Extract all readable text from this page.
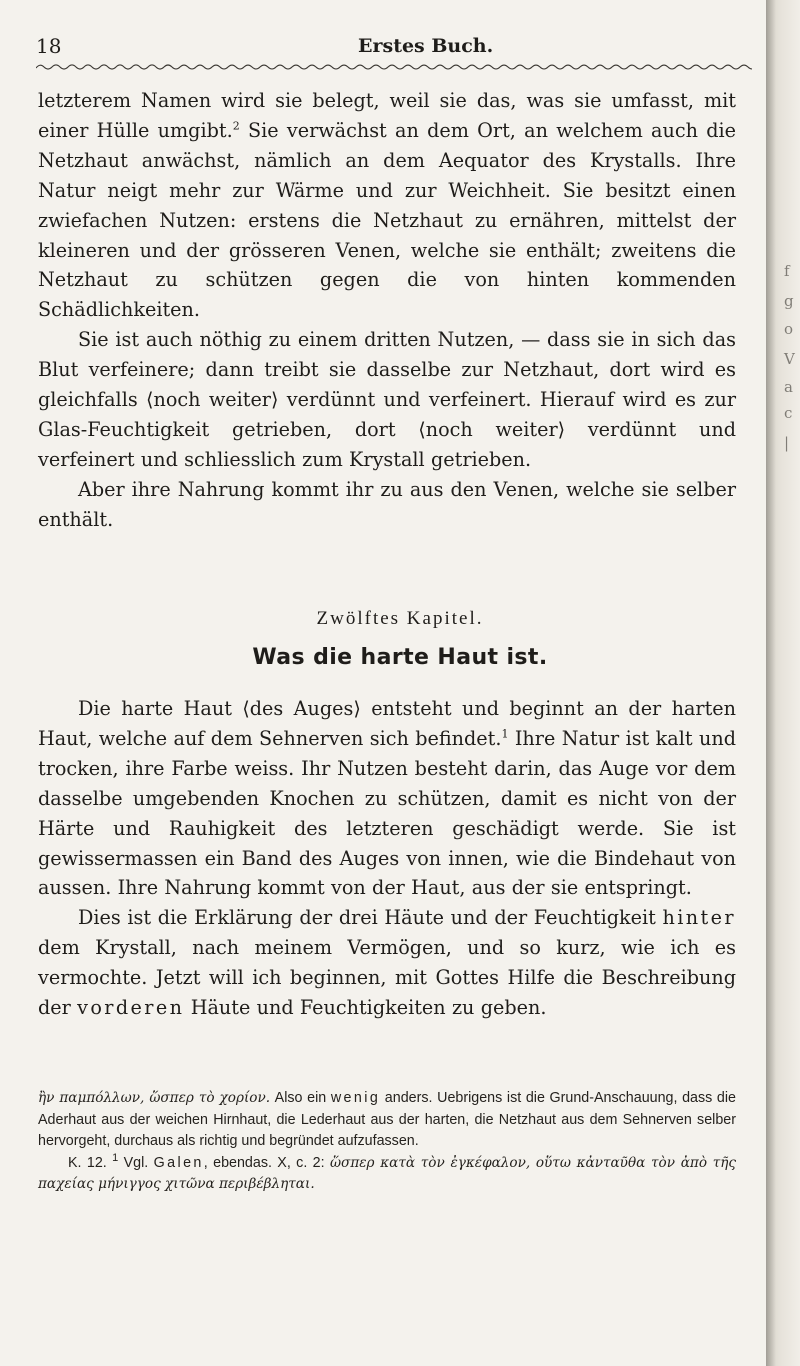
18	Erstes Buch.

letzterem Namen wird sie belegt, weil sie das, was sie umfasst, mit einer Hülle umgibt.$^2$ Sie verwächst an dem Ort, an welchem auch die Netzhaut anwächst, nämlich an dem Aequator des Krystalls. Ihre Natur neigt mehr zur Wärme und zur Weichheit. Sie besitzt einen zwiefachen Nutzen: erstens die Netzhaut zu ernähren, mittelst der kleineren und der grösseren Venen, welche sie enthält; zweitens die Netzhaut zu schützen gegen die von hinten kommenden Schädlichkeiten.

Sie ist auch nöthig zu einem dritten Nutzen, — dass sie in sich das Blut verfeinere; dann treibt sie dasselbe zur Netzhaut, dort wird es gleichfalls ⟨noch weiter⟩ verdünnt und verfeinert. Hierauf wird es zur Glas-Feuchtigkeit getrieben, dort ⟨noch weiter⟩ verdünnt und verfeinert und schliesslich zum Krystall getrieben.

Aber ihre Nahrung kommt ihr zu aus den Venen, welche sie selber enthält.

Zwölftes Kapitel.
Was die harte Haut ist.

Die harte Haut ⟨des Auges⟩ entsteht und beginnt an der harten Haut, welche auf dem Sehnerven sich befindet.$^1$ Ihre Natur ist kalt und trocken, ihre Farbe weiss. Ihr Nutzen besteht darin, das Auge vor dem dasselbe umgebenden Knochen zu schützen, damit es nicht von der Härte und Rauhigkeit des letzteren geschädigt werde. Sie ist gewissermassen ein Band des Auges von innen, wie die Bindehaut von aussen. Ihre Nahrung kommt von der Haut, aus der sie entspringt.

Dies ist die Erklärung der drei Häute und der Feuchtigkeit hinter dem Krystall, nach meinem Vermögen, und so kurz, wie ich es vermochte. Jetzt will ich beginnen, mit Gottes Hilfe die Beschreibung der vorderen Häute und Feuchtigkeiten zu geben.

ἢν παμπόλλων, ὥσπερ τὸ χορίον. Also ein wenig anders. Uebrigens ist die Grund-Anschauung, dass die Aderhaut aus der weichen Hirnhaut, die Lederhaut aus der harten, die Netzhaut aus dem Sehnerven selber hervorgeht, durchaus als richtig und begründet aufzufassen.

K. 12. $^1$ Vgl. Galen, ebendas. X, c. 2: ὥσπερ κατὰ τὸν ἐγκέφαλον, οὕτω κἀνταῦθα τὸν ἀπὸ τῆς παχείας μήνιγγος χιτῶνα περιβέβληται.

f
g
o
V
a
c
|
